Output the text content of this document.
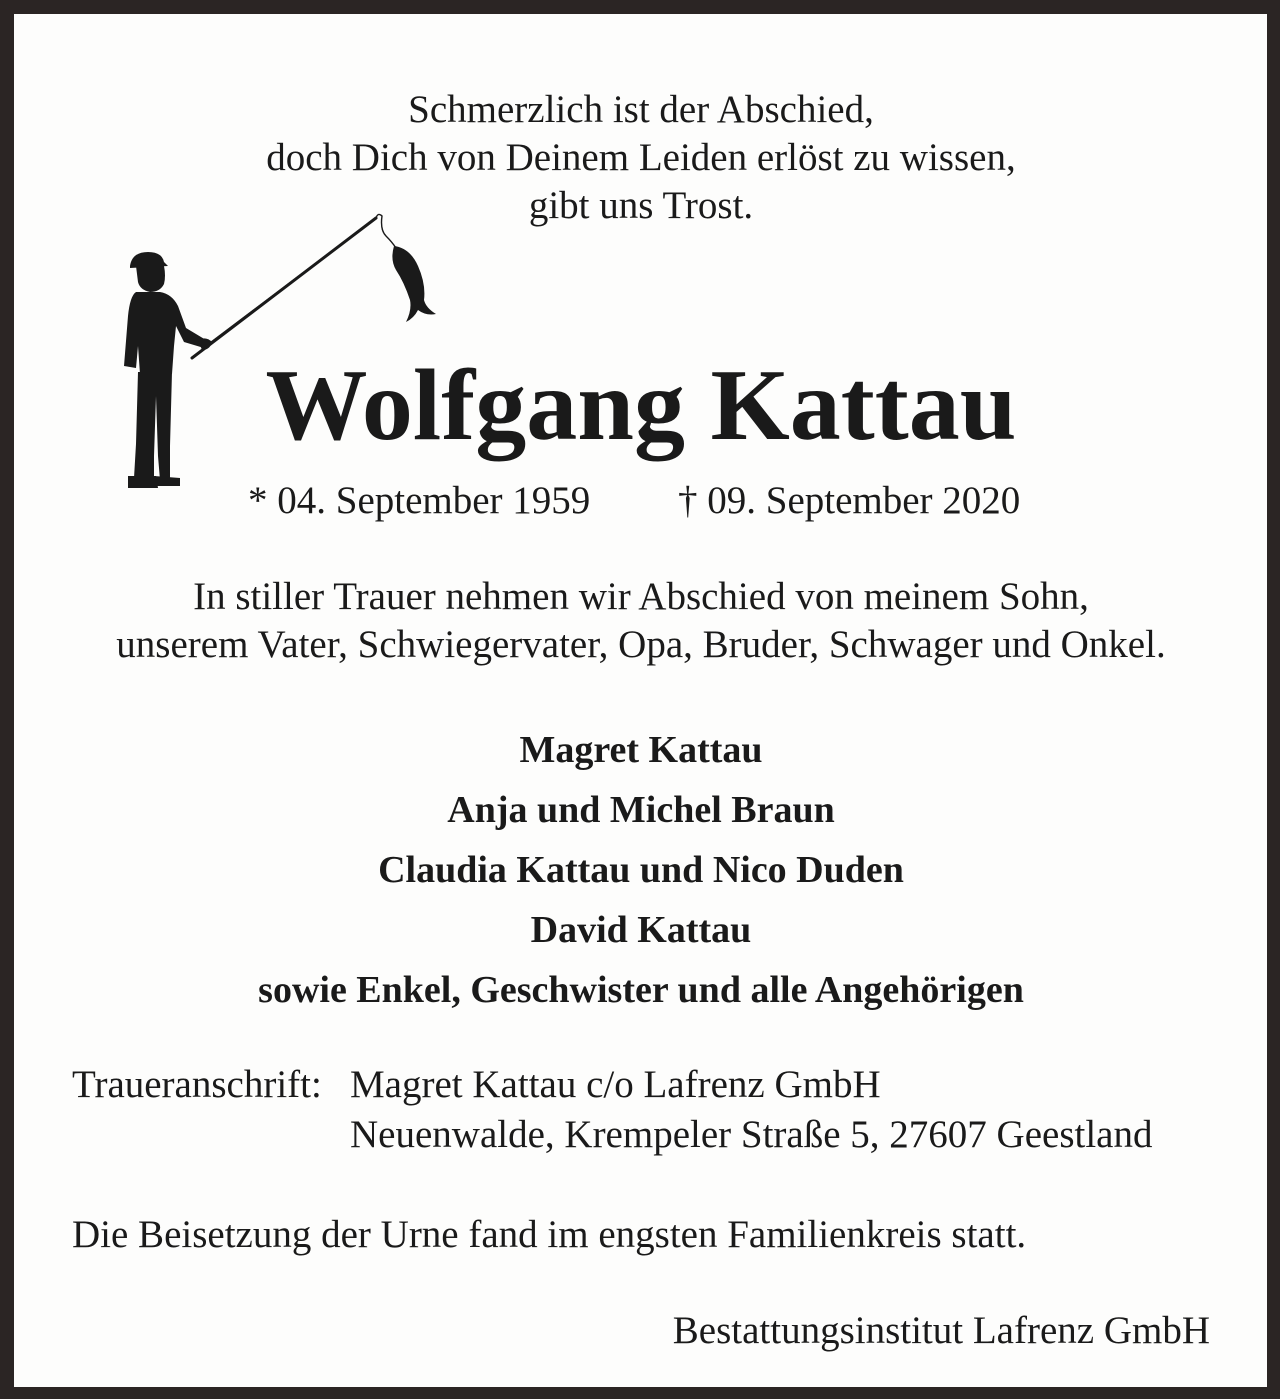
Schmerzlich ist der Abschied,
doch Dich von Deinem Leiden erlöst zu wissen,
gibt uns Trost.
Wolfgang Kattau
* 04. September 1959 † 09. September 2020
In stiller Trauer nehmen wir Abschied von meinem Sohn,
unserem Vater, Schwiegervater, Opa, Bruder, Schwager und Onkel.
Magret Kattau
Anja und Michel Braun
Claudia Kattau und Nico Duden
David Kattau
sowie Enkel, Geschwister und alle Angehörigen
Traueranschrift: Magret Kattau c/o Lafrenz GmbH
Neuenwalde, Krempeler Straße 5, 27607 Geestland
Die Beisetzung der Urne fand im engsten Familienkreis statt.
Bestattungsinstitut Lafrenz GmbH
